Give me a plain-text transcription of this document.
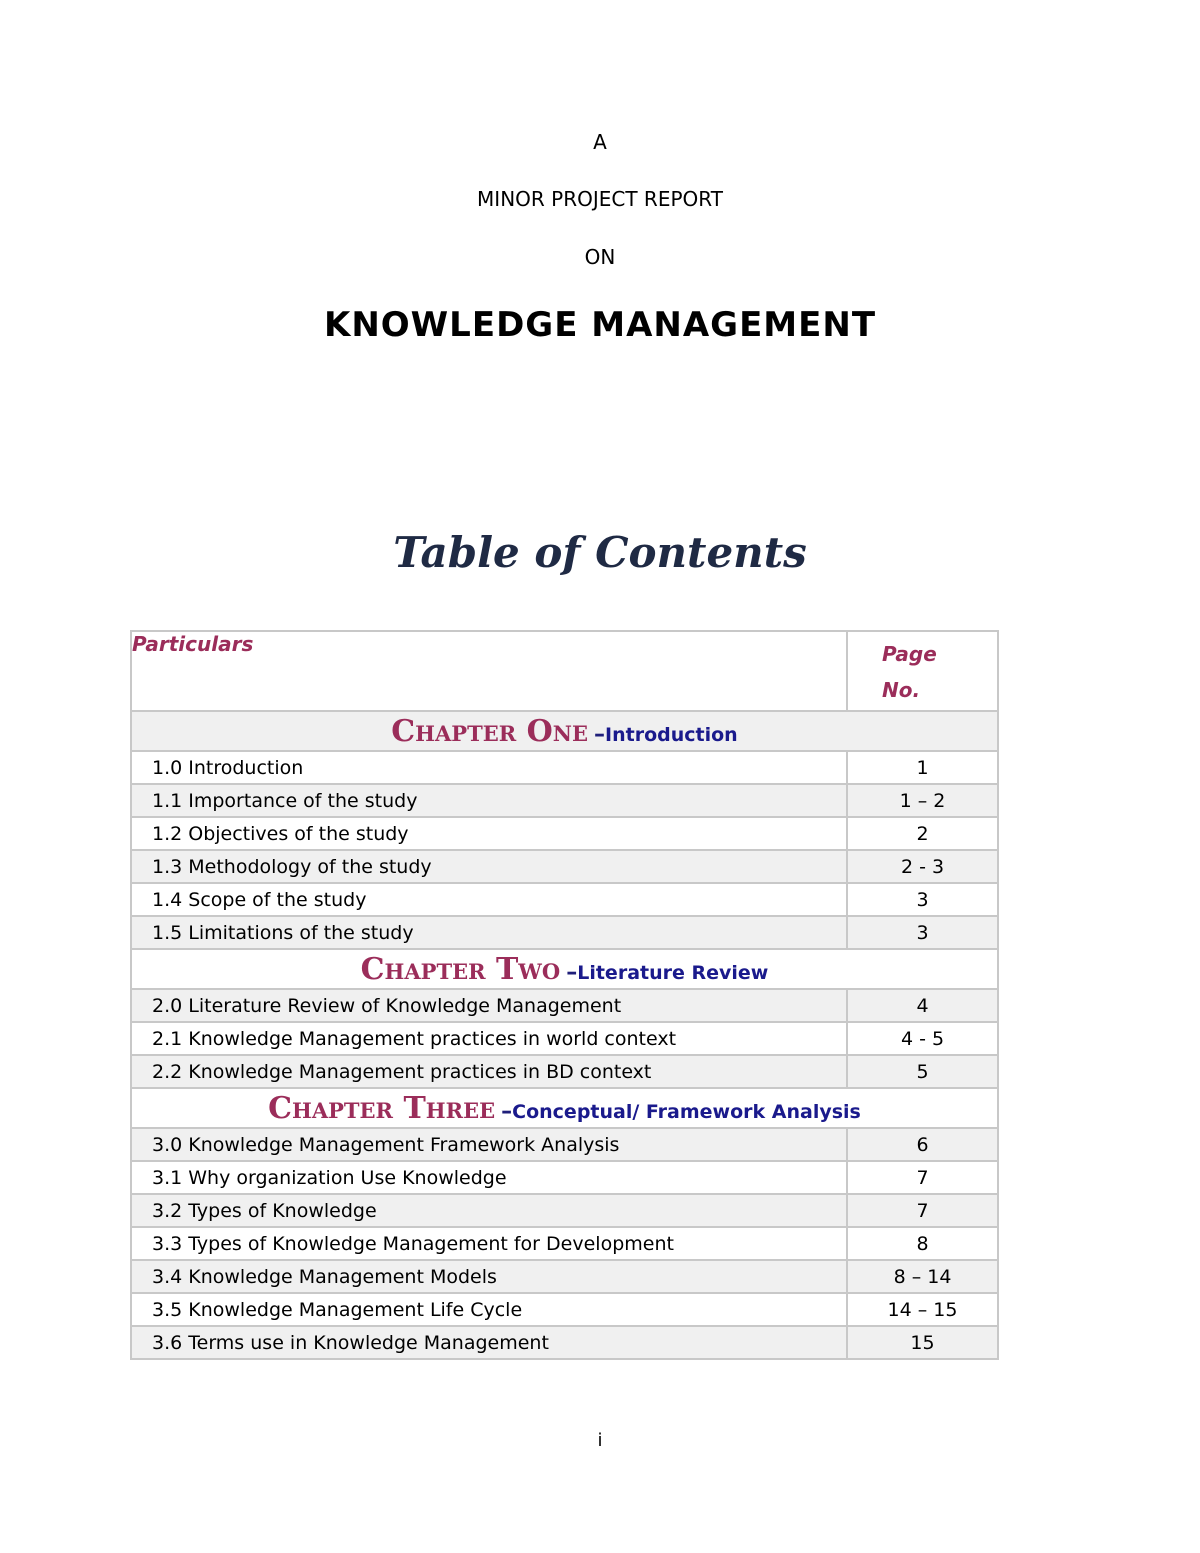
A
MINOR PROJECT REPORT
ON
KNOWLEDGE MANAGEMENT
Table of Contents
Particulars	Page
No.
Chapter One –Introduction	
1.0 Introduction	1
1.1 Importance of the study	1 – 2
1.2 Objectives of the study	2
1.3 Methodology of the study	2 - 3
1.4 Scope of the study	3
1.5 Limitations of the study	3
Chapter Two –Literature Review	
2.0 Literature Review of Knowledge Management	4
2.1 Knowledge Management practices in world context	4 - 5
2.2 Knowledge Management practices in BD context	5
Chapter Three –Conceptual/ Framework Analysis	
3.0 Knowledge Management Framework Analysis	6
3.1 Why organization Use Knowledge	7
3.2 Types of Knowledge	7
3.3 Types of Knowledge Management for Development	8
3.4 Knowledge Management Models	8 – 14
3.5 Knowledge Management Life Cycle	14 – 15
3.6 Terms use in Knowledge Management	15
i
